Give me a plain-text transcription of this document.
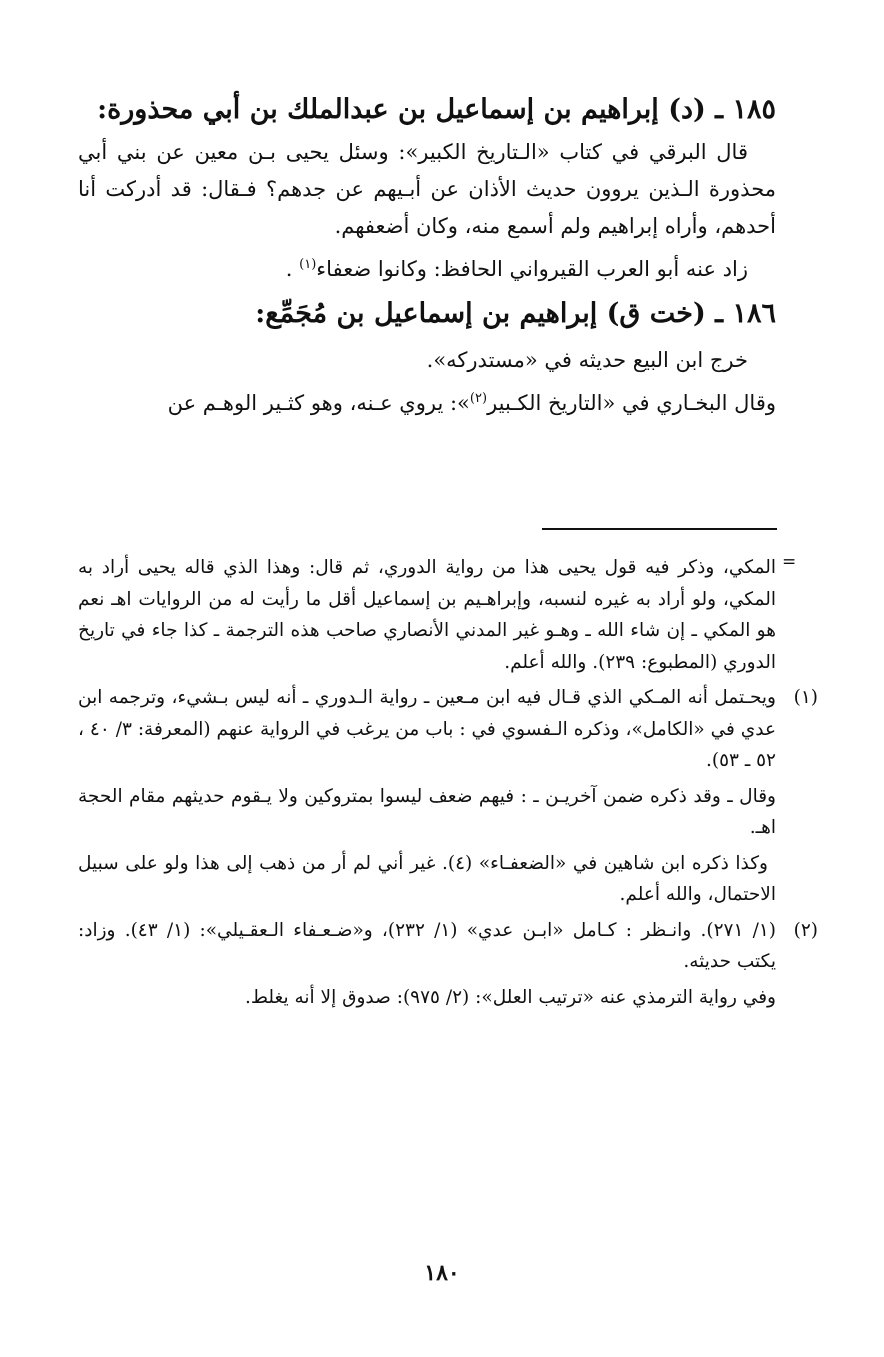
١٨٥ ـ (د) إبراهيم بن إسماعيل بن عبدالملك بن أبي محذورة:

قال البرقي في كتاب «الـتاريخ الكبير»: وسئل يحيى بـن معين عن بني أبي محذورة الـذين يروون حديث الأذان عن أبـيهم عن جدهم؟ فـقال: قد أدركت أنا أحدهم، وأراه إبراهيم ولم أسمع منه، وكان أضعفهم.

زاد عنه أبو العرب القيرواني الحافظ: وكانوا ضعفاء$^{(١)}$ .

١٨٦ ـ (خت ق) إبراهيم بن إسماعيل بن مُجَمِّع:

خرج ابن البيع حديثه في «مستدركه».

وقال البخـاري في «التاريخ الكـبير$^{(٢)}$»: يروي عـنه، وهو كثـير الوهـم عن

=

المكي، وذكر فيه قول يحيى هذا من رواية الدوري، ثم قال: وهذا الذي قاله يحيى أراد به المكي، ولو أراد به غيره لنسبه، وإبراهـيم بن إسماعيل أقل ما رأيت له من الروايات اهـ نعم هو المكي ـ إن شاء الله ـ وهـو غير المدني الأنصاري صاحب هذه الترجمة ـ كذا جاء في تاريخ الدوري (المطبوع: ٢٣٩). والله أعلم.

(١)

ويحـتمل أنه المـكي الذي قـال فيه ابن مـعين ـ رواية الـدوري ـ أنه ليس بـشيء، وترجمه ابن عدي في «الكامل»، وذكره الـفسوي في : باب من يرغب في الرواية عنهم (المعرفة: ٣/ ٤٠ ، ٥٢ ـ ٥٣).

وقال ـ وقد ذكره ضمن آخريـن ـ : فيهم ضعف ليسوا بمتروكين ولا يـقوم حديثهم مقام الحجة اهـ.

وكذا ذكره ابن شاهين في «الضعفـاء» (٤). غير أني لم أر من ذهب إلى هذا ولو على سبيل الاحتمال، والله أعلم.

(٢)

(١/ ٢٧١). وانـظر : كـامل «ابـن عدي» (١/ ٢٣٢)، و«ضـعـفاء الـعقـيلي»: (١/ ٤٣). وزاد: يكتب حديثه.

وفي رواية الترمذي عنه «ترتيب العلل»: (٢/ ٩٧٥): صدوق إلا أنه يغلط.

١٨٠
